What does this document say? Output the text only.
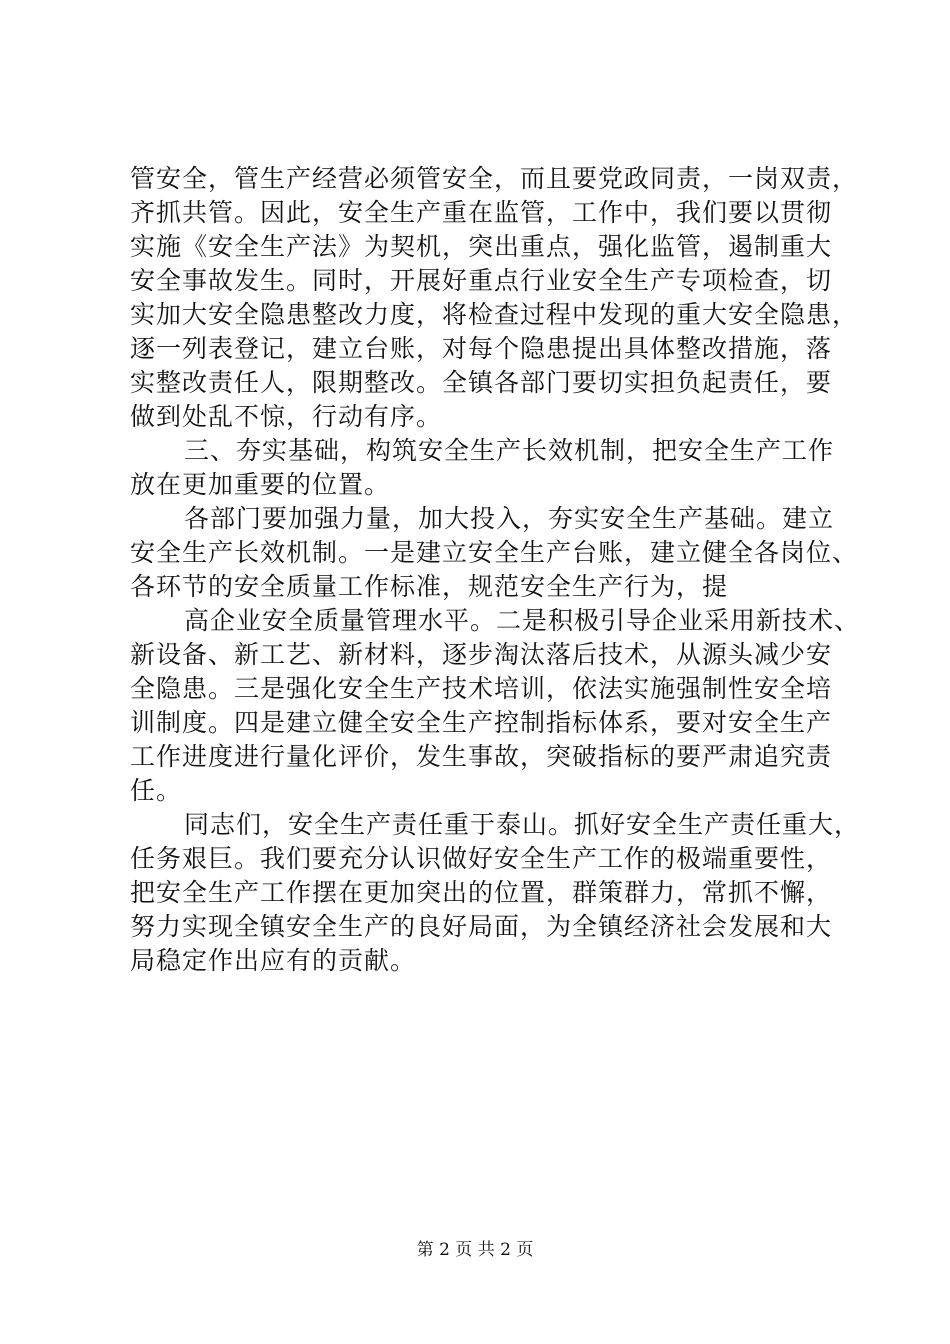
管安全，管生产经营必须管安全，而且要党政同责，一岗双责，
齐抓共管。因此，安全生产重在监管，工作中，我们要以贯彻
实施《安全生产法》为契机，突出重点，强化监管，遏制重大
安全事故发生。同时，开展好重点行业安全生产专项检查，切
实加大安全隐患整改力度，将检查过程中发现的重大安全隐患，
逐一列表登记，建立台账，对每个隐患提出具体整改措施，落
实整改责任人，限期整改。全镇各部门要切实担负起责任，要
做到处乱不惊，行动有序。
三、夯实基础，构筑安全生产长效机制，把安全生产工作
放在更加重要的位置。
各部门要加强力量，加大投入，夯实安全生产基础。建立
安全生产长效机制。一是建立安全生产台账，建立健全各岗位、
各环节的安全质量工作标准，规范安全生产行为，提
高企业安全质量管理水平。二是积极引导企业采用新技术、
新设备、新工艺、新材料，逐步淘汰落后技术，从源头减少安
全隐患。三是强化安全生产技术培训，依法实施强制性安全培
训制度。四是建立健全安全生产控制指标体系，要对安全生产
工作进度进行量化评价，发生事故，突破指标的要严肃追究责
任。
同志们，安全生产责任重于泰山。抓好安全生产责任重大，
任务艰巨。我们要充分认识做好安全生产工作的极端重要性，
把安全生产工作摆在更加突出的位置，群策群力，常抓不懈，
努力实现全镇安全生产的良好局面，为全镇经济社会发展和大
局稳定作出应有的贡献。
第 2 页 共 2 页
